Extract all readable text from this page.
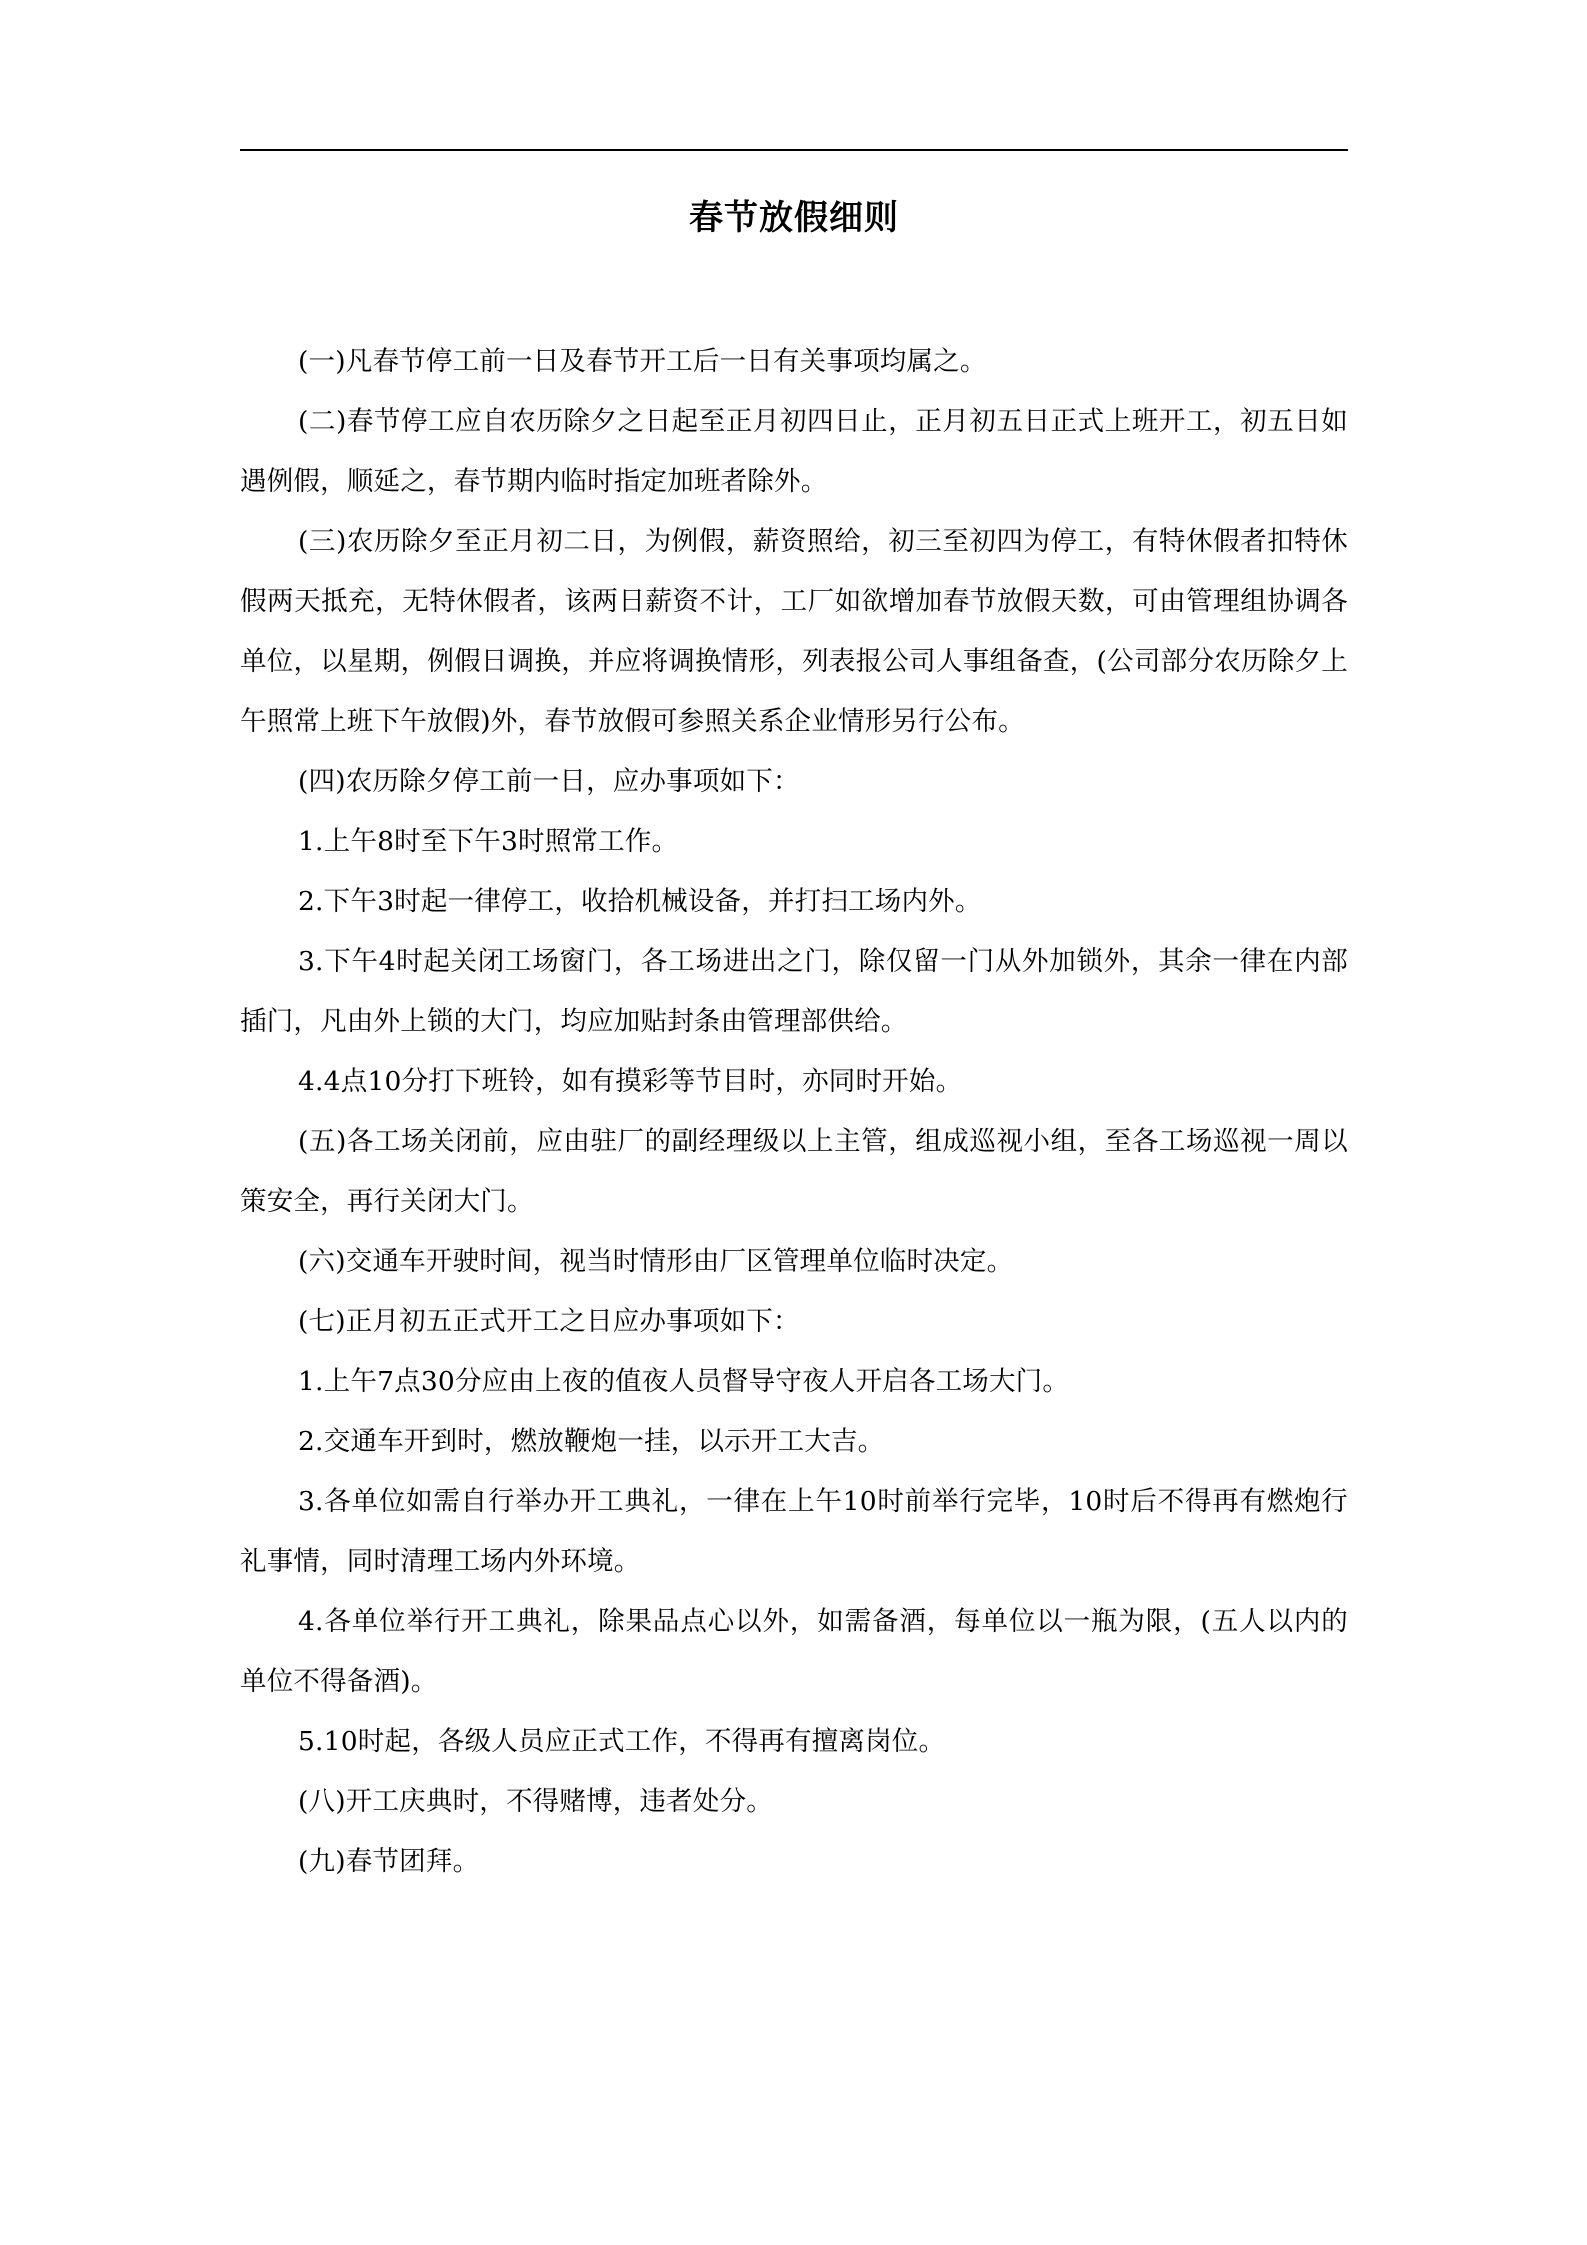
春节放假细则

(一)凡春节停工前一日及春节开工后一日有关事项均属之。

(二)春节停工应自农历除夕之日起至正月初四日止，正月初五日正式上班开工，初五日如遇例假，顺延之，春节期内临时指定加班者除外。

(三)农历除夕至正月初二日，为例假，薪资照给，初三至初四为停工，有特休假者扣特休假两天抵充，无特休假者，该两日薪资不计，工厂如欲增加春节放假天数，可由管理组协调各单位，以星期，例假日调换，并应将调换情形，列表报公司人事组备查，(公司部分农历除夕上午照常上班下午放假)外，春节放假可参照关系企业情形另行公布。

(四)农历除夕停工前一日，应办事项如下：

1.上午8时至下午3时照常工作。

2.下午3时起一律停工，收拾机械设备，并打扫工场内外。

3.下午4时起关闭工场窗门，各工场进出之门，除仅留一门从外加锁外，其余一律在内部插门，凡由外上锁的大门，均应加贴封条由管理部供给。

4.4点10分打下班铃，如有摸彩等节目时，亦同时开始。

(五)各工场关闭前，应由驻厂的副经理级以上主管，组成巡视小组，至各工场巡视一周以策安全，再行关闭大门。

(六)交通车开驶时间，视当时情形由厂区管理单位临时决定。

(七)正月初五正式开工之日应办事项如下：

1.上午7点30分应由上夜的值夜人员督导守夜人开启各工场大门。

2.交通车开到时，燃放鞭炮一挂，以示开工大吉。

3.各单位如需自行举办开工典礼，一律在上午10时前举行完毕，10时后不得再有燃炮行礼事情，同时清理工场内外环境。

4.各单位举行开工典礼，除果品点心以外，如需备酒，每单位以一瓶为限，(五人以内的单位不得备酒)。

5.10时起，各级人员应正式工作，不得再有擅离岗位。

(八)开工庆典时，不得赌博，违者处分。

(九)春节团拜。
